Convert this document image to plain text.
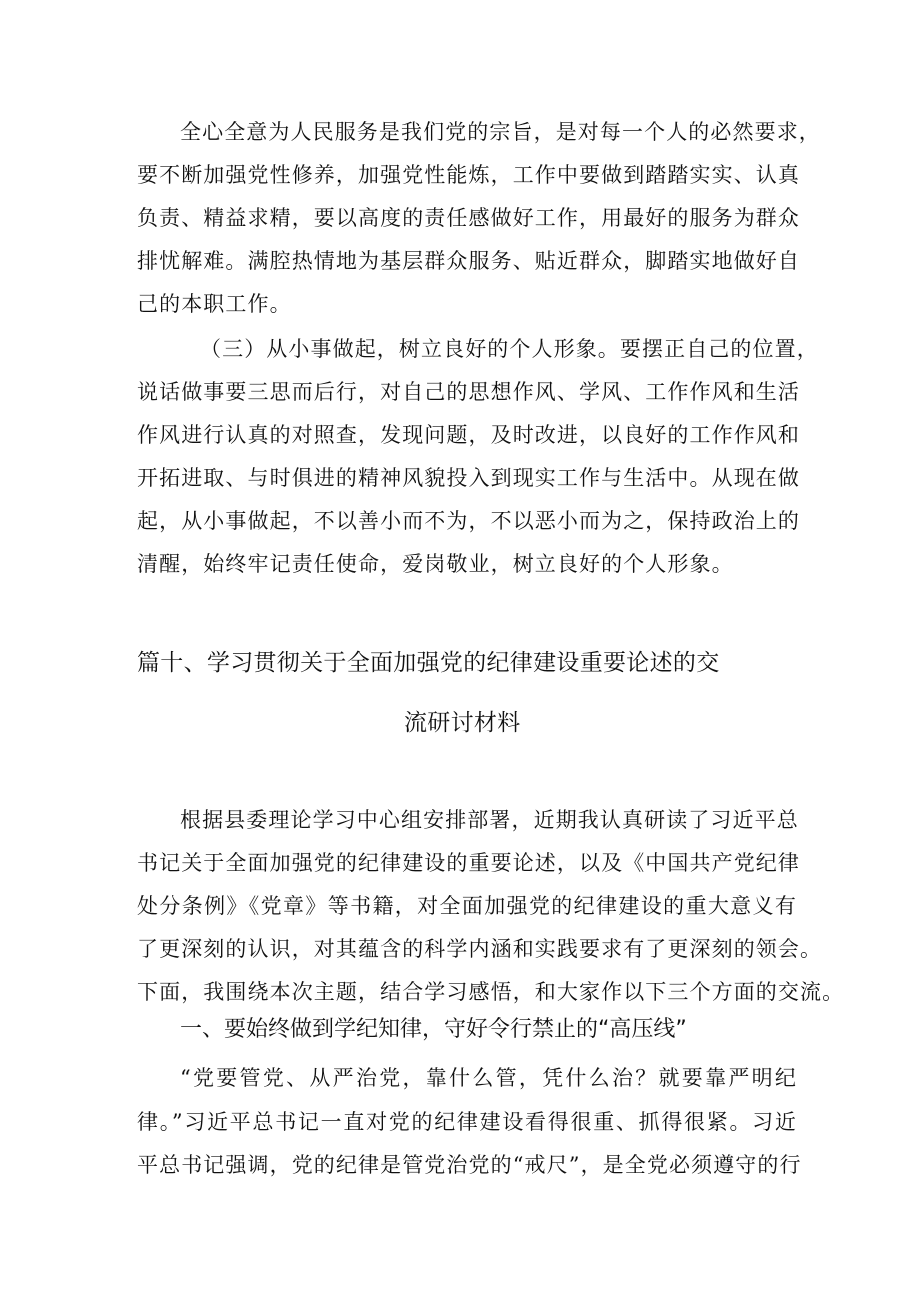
全心全意为人民服务是我们党的宗旨，是对每一个人的必然要求，
要不断加强党性修养，加强党性能炼，工作中要做到踏踏实实、认真
负责、精益求精，要以高度的责任感做好工作，用最好的服务为群众
排忧解难。满腔热情地为基层群众服务、贴近群众，脚踏实地做好自
己的本职工作。
（三）从小事做起，树立良好的个人形象。要摆正自己的位置，
说话做事要三思而后行，对自己的思想作风、学风、工作作风和生活
作风进行认真的对照查，发现问题，及时改进，以良好的工作作风和
开拓进取、与时俱进的精神风貌投入到现实工作与生活中。从现在做
起，从小事做起，不以善小而不为，不以恶小而为之，保持政治上的
清醒，始终牢记责任使命，爱岗敬业，树立良好的个人形象。
篇十、学习贯彻关于全面加强党的纪律建设重要论述的交
流研讨材料
根据县委理论学习中心组安排部署，近期我认真研读了习近平总
书记关于全面加强党的纪律建设的重要论述，以及《中国共产党纪律
处分条例》《党章》等书籍，对全面加强党的纪律建设的重大意义有
了更深刻的认识，对其蕴含的科学内涵和实践要求有了更深刻的领会。
下面，我围绕本次主题，结合学习感悟，和大家作以下三个方面的交流。
一、要始终做到学纪知律，守好令行禁止的“高压线”
“党要管党、从严治党，靠什么管，凭什么治？就要靠严明纪
律。”习近平总书记一直对党的纪律建设看得很重、抓得很紧。习近
平总书记强调，党的纪律是管党治党的“戒尺”，是全党必须遵守的行
